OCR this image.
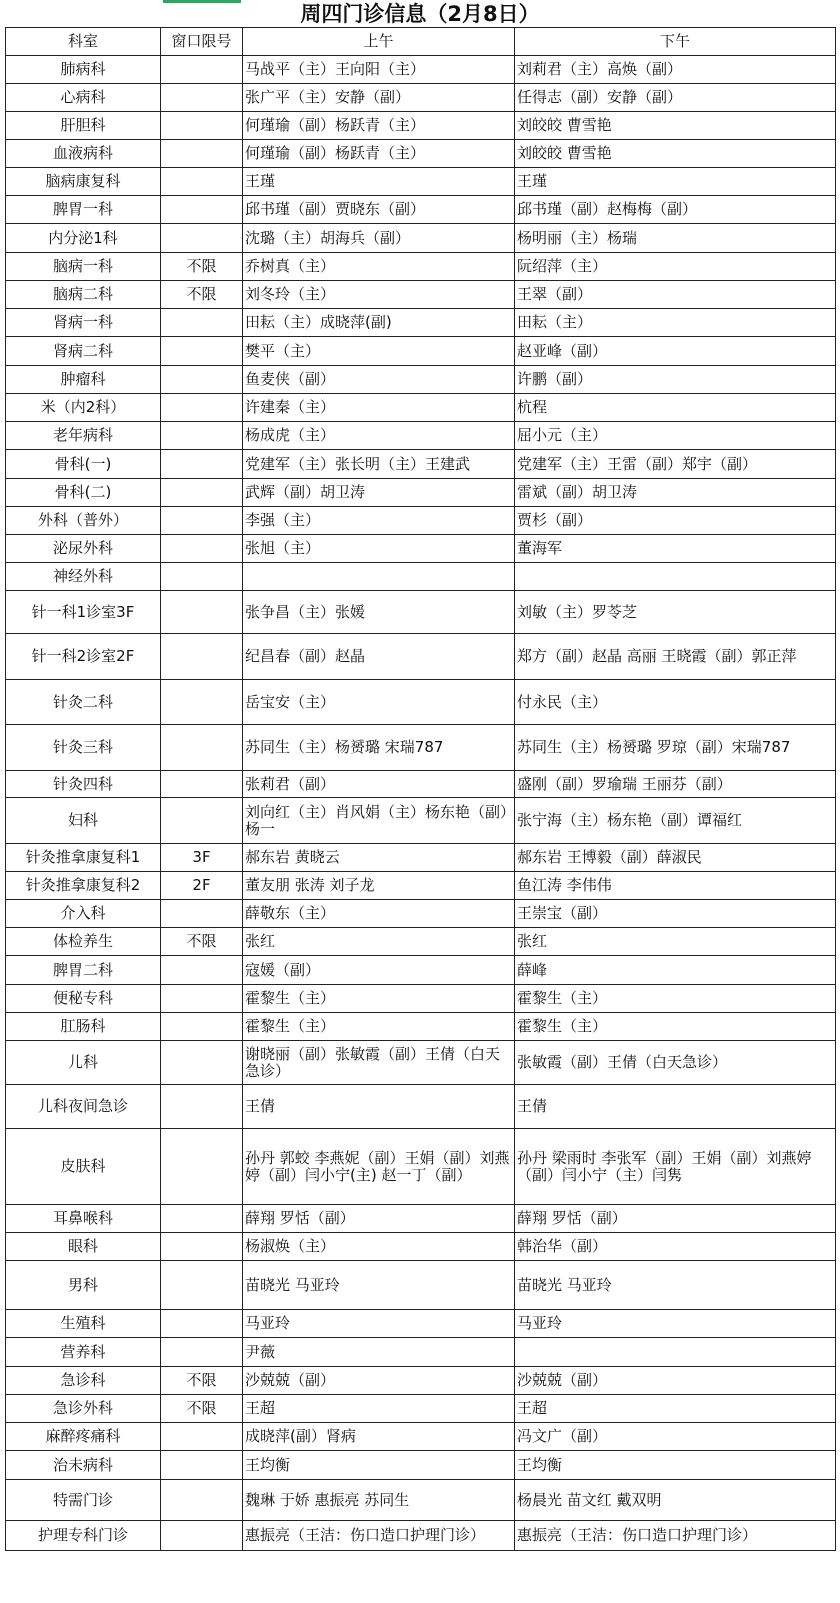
周四门诊信息（2月8日）
科室	窗口限号	上午	下午
肺病科		马战平（主）王向阳（主）	刘莉君（主）高焕（副）
心病科		张广平（主）安静（副）	任得志（副）安静（副）
肝胆科		何瑾瑜（副）杨跃青（主）	刘皎皎 曹雪艳
血液病科		何瑾瑜（副）杨跃青（主）	刘皎皎 曹雪艳
脑病康复科		王瑾	王瑾
脾胃一科		邱书瑾（副）贾晓东（副）	邱书瑾（副）赵梅梅（副）
内分泌1科		沈璐（主）胡海兵（副）	杨明丽（主）杨瑞
脑病一科	不限	乔树真（主）	阮绍萍（主）
脑病二科	不限	刘冬玲（主）	王翠（副）
肾病一科		田耘（主）成晓萍(副)	田耘（主）
肾病二科		樊平（主）	赵亚峰（副）
肿瘤科		鱼麦侠（副）	许鹏（副）
米（内2科）		许建秦（主）	杭程
老年病科		杨成虎（主）	屈小元（主）
骨科(一)		党建军（主）张长明（主）王建武	党建军（主）王雷（副）郑宇（副）
骨科(二)		武辉（副）胡卫涛	雷斌（副）胡卫涛
外科（普外）		李强（主）	贾杉（副）
泌尿外科		张旭（主）	董海军
神经外科			
针一科1诊室3F		张争昌（主）张媛	刘敏（主）罗苓芝
针一科2诊室2F		纪昌春（副）赵晶	郑方（副）赵晶 高丽 王晓霞（副）郭正萍
针灸二科		岳宝安（主）	付永民（主）
针灸三科		苏同生（主）杨赟璐 宋瑞787	苏同生（主）杨赟璐 罗琼（副）宋瑞787
针灸四科		张莉君（副）	盛刚（副）罗瑜瑞 王丽芬（副）
妇科		刘向红（主）肖风娟（主）杨东艳（副）杨一	张宁海（主）杨东艳（副）谭福红
针灸推拿康复科1	3F	郝东岩 黄晓云	郝东岩 王博毅（副）薛淑民
针灸推拿康复科2	2F	董友朋 张涛 刘子龙	鱼江涛 李伟伟
介入科		薛敬东（主）	王崇宝（副）
体检养生	不限	张红	张红
脾胃二科		寇媛（副）	薛峰
便秘专科		霍黎生（主）	霍黎生（主）
肛肠科		霍黎生（主）	霍黎生（主）
儿科		谢晓丽（副）张敏霞（副）王倩（白天急诊）	张敏霞（副）王倩（白天急诊）
儿科夜间急诊		王倩	王倩
皮肤科		孙丹 郭蛟 李燕妮（副）王娟（副）刘燕婷（副）闫小宁(主) 赵一丁（副）	孙丹 梁雨时 李张军（副）王娟（副）刘燕婷（副）闫小宁（主）闫隽
耳鼻喉科		薛翔 罗恬（副）	薛翔 罗恬（副）
眼科		杨淑焕（主）	韩治华（副）
男科		苗晓光 马亚玲	苗晓光 马亚玲
生殖科		马亚玲	马亚玲
营养科		尹薇	
急诊科	不限	沙兢兢（副）	沙兢兢（副）
急诊外科	不限	王超	王超
麻醉疼痛科		成晓萍(副）肾病	冯文广（副）
治未病科		王均衡	王均衡
特需门诊		魏琳 于娇 惠振亮 苏同生	杨晨光 苗文红 戴双明
护理专科门诊		惠振亮（王洁：伤口造口护理门诊）	惠振亮（王洁：伤口造口护理门诊）
